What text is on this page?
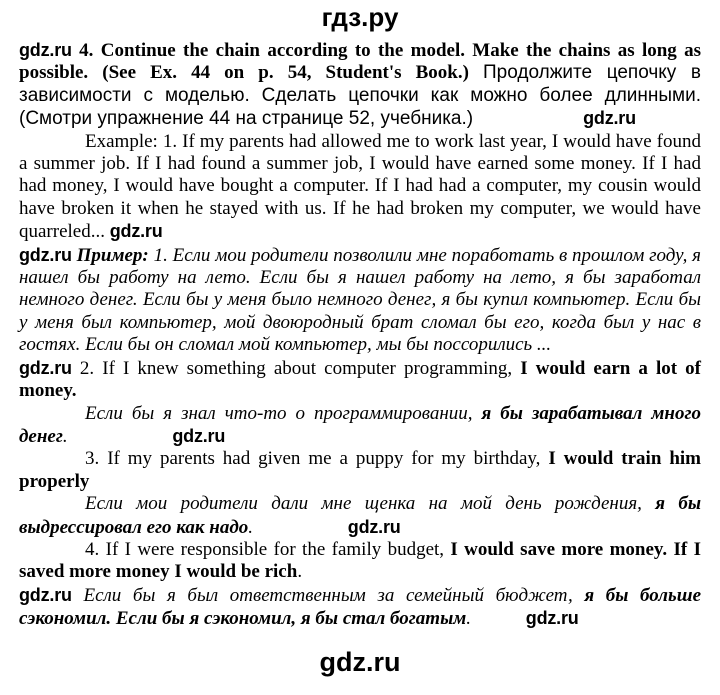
гдз.ру

gdz.ru 4. Continue the chain according to the model. Make the chains as long as possible. (See Ex. 44 on p. 54, Student's Book.) Продолжите цепочку в зависимости с моделью. Сделать цепочки как можно более длинными. (Смотри упражнение 44 на странице 52, учебника.)	gdz.ru

Example: 1. If my parents had allowed me to work last year, I would have found a summer job. If I had found a summer job, I would have earned some money. If I had had money, I would have bought a computer. If I had had a computer, my cousin would have broken it when he stayed with us. If he had broken my computer, we would have quarreled... gdz.ru

gdz.ru Пример: 1. Если мои родители позволили мне поработать в прошлом году, я нашел бы работу на лето. Если бы я нашел работу на лето, я бы заработал немного денег. Если бы у меня было немного денег, я бы купил компьютер. Если бы у меня был компьютер, мой двоюродный брат сломал бы его, когда был у нас в гостях. Если бы он сломал мой компьютер, мы бы поссорились ...

gdz.ru 2. If I knew something about computer programming, I would earn a lot of money.

Если бы я знал что-то о программировании, я бы зарабатывал много денег.	gdz.ru

3. If my parents had given me a puppy for my birthday, I would train him properly

Если мои родители дали мне щенка на мой день рождения, я бы выдрессировал его как надо.	gdz.ru

4. If I were responsible for the family budget, I would save more money. If I saved more money I would be rich.

gdz.ru Если бы я был ответственным за семейный бюджет, я бы больше сэкономил. Если бы я сэкономил, я бы стал богатым.	gdz.ru

gdz.ru
